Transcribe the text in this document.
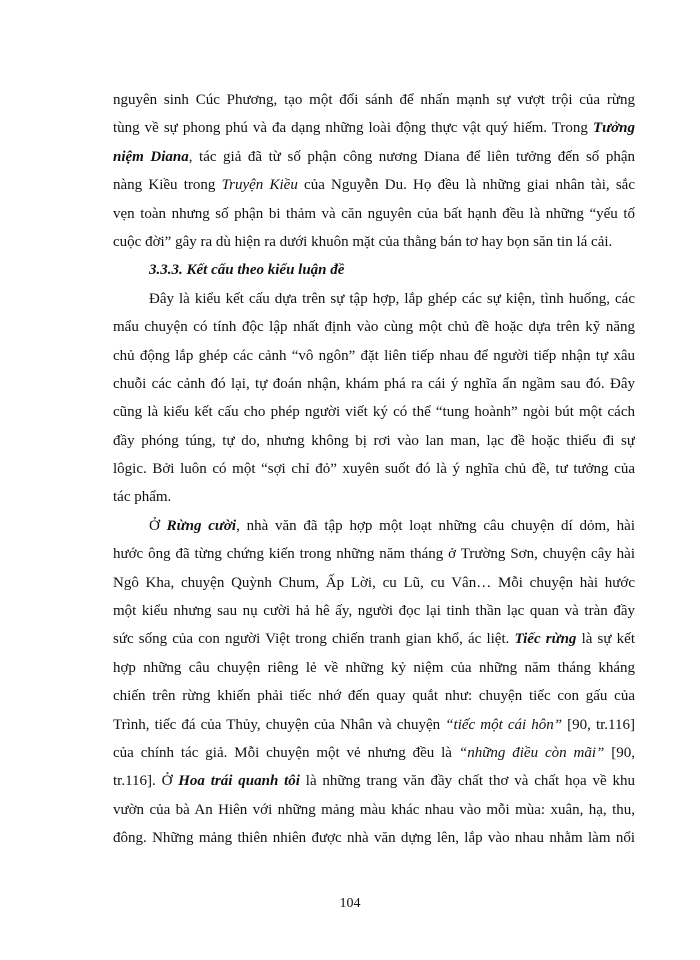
nguyên sinh Cúc Phương, tạo một đối sánh để nhấn mạnh sự vượt trội của rừng
tùng về sự phong phú và đa dạng những loài động thực vật quý hiếm. Trong Tưởng
niệm Diana, tác giả đã từ số phận công nương Diana để liên tưởng đến số phận
nàng Kiều trong Truyện Kiều của Nguyễn Du. Họ đều là những giai nhân tài, sắc
vẹn toàn nhưng số phận bi thảm và căn nguyên của bất hạnh đều là những “yếu tố
cuộc đời” gây ra dù hiện ra dưới khuôn mặt của thằng bán tơ hay bọn săn tin lá cải.
3.3.3. Kết cấu theo kiểu luận đề
Đây là kiểu kết cấu dựa trên sự tập hợp, lắp ghép các sự kiện, tình huống, các
mẩu chuyện có tính độc lập nhất định vào cùng một chủ đề hoặc dựa trên kỹ năng
chủ động lắp ghép các cảnh “vô ngôn” đặt liên tiếp nhau để người tiếp nhận tự xâu
chuỗi các cảnh đó lại, tự đoán nhận, khám phá ra cái ý nghĩa ẩn ngầm sau đó. Đây
cũng là kiểu kết cấu cho phép người viết ký có thể “tung hoành” ngòi bút một cách
đầy phóng túng, tự do, nhưng không bị rơi vào lan man, lạc đề hoặc thiếu đi sự
lôgic. Bởi luôn có một “sợi chỉ đỏ” xuyên suốt đó là ý nghĩa chủ đề, tư tưởng của
tác phẩm.
Ở Rừng cười, nhà văn đã tập hợp một loạt những câu chuyện dí dỏm, hài
hước ông đã từng chứng kiến trong những năm tháng ở Trường Sơn, chuyện cây hài
Ngô Kha, chuyện Quỳnh Chum, Ấp Lời, cu Lũ, cu Vân… Mỗi chuyện hài hước
một kiểu nhưng sau nụ cười hả hê ấy, người đọc lại tinh thần lạc quan và tràn đầy
sức sống của con người Việt trong chiến tranh gian khổ, ác liệt. Tiếc rừng là sự kết
hợp những câu chuyện riêng lẻ về những kỷ niệm của những năm tháng kháng
chiến trên rừng khiến phải tiếc nhớ đến quay quắt như: chuyện tiếc con gấu của
Trình, tiếc đá của Thủy, chuyện của Nhân và chuyện “tiếc một cái hôn” [90, tr.116]
của chính tác giả. Mỗi chuyện một vẻ nhưng đều là “những điều còn mãi” [90,
tr.116]. Ở Hoa trái quanh tôi là những trang văn đầy chất thơ và chất họa về khu
vườn của bà An Hiên với những mảng màu khác nhau vào mỗi mùa: xuân, hạ, thu,
đông. Những mảng thiên nhiên được nhà văn dựng lên, lắp vào nhau nhằm làm nổi
104
